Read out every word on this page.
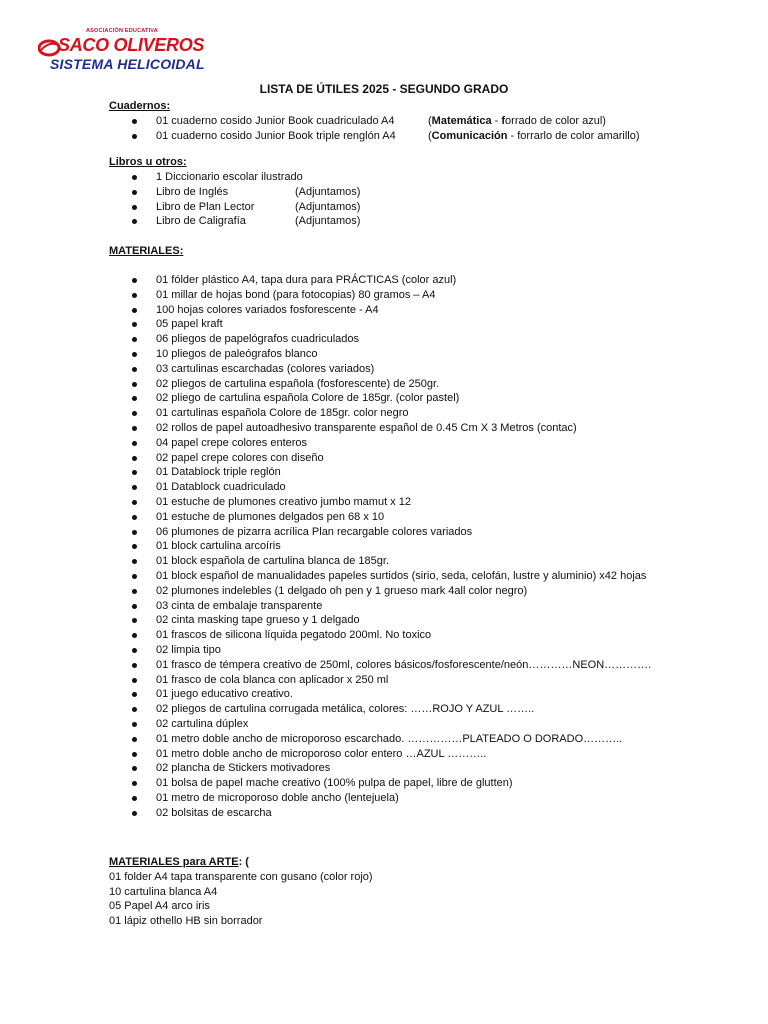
ASOCIACIÓN EDUCATIVA
SACO OLIVEROS
SISTEMA HELICOIDAL
LISTA DE ÚTILES 2025 - SEGUNDO GRADO
Cuadernos:
01 cuaderno cosido Junior Book cuadriculado A4	(Matemática - forrado de color azul)
01 cuaderno cosido Junior Book triple renglón A4	(Comunicación - forrarlo de color amarillo)
Libros u otros:
1 Diccionario escolar ilustrado
Libro de Inglés	(Adjuntamos)
Libro de Plan Lector	(Adjuntamos)
Libro de Caligrafía	(Adjuntamos)
MATERIALES:
01 fólder plástico A4, tapa dura para PRÁCTICAS (color azul)
01 millar de hojas bond (para fotocopias) 80 gramos – A4
100 hojas colores variados fosforescente - A4
05 papel kraft
06 pliegos de papelógrafos cuadriculados
10 pliegos de paleógrafos blanco
03 cartulinas escarchadas (colores variados)
02 pliegos de cartulina española (fosforescente) de 250gr.
02 pliego de cartulina española Colore de 185gr. (color pastel)
01 cartulinas española Colore de 185gr. color negro
02 rollos de papel autoadhesivo transparente español de 0.45 Cm X 3 Metros (contac)
04 papel crepe colores enteros
02 papel crepe colores con diseño
01 Datablock triple reglón
01 Datablock cuadriculado
01 estuche de plumones creativo jumbo mamut x 12
01 estuche de plumones delgados pen 68 x 10
06 plumones de pizarra acrílica Plan recargable colores variados
01 block cartulina arcoíris
01 block española de cartulina blanca de 185gr.
01 block español de manualidades papeles surtidos (sirio, seda, celofán, lustre y aluminio) x42 hojas
02 plumones indelebles (1 delgado oh pen y 1 grueso mark 4all color negro)
03 cinta de embalaje transparente
02 cinta masking tape grueso y 1 delgado
01 frascos de silicona líquida pegatodo 200ml. No toxico
02 limpia tipo
01 frasco de témpera creativo de 250ml, colores básicos/fosforescente/neón…………NEON………….
01 frasco de cola blanca con aplicador x 250 ml
01 juego educativo creativo.
02 pliegos de cartulina corrugada metálica, colores: ……ROJO Y AZUL ……..
02 cartulina dúplex
01 metro doble ancho de microporoso escarchado. ……………PLATEADO O DORADO………..
01 metro doble ancho de microporoso color entero …AZUL ………..
02 plancha de Stickers motivadores
01 bolsa de papel mache creativo (100% pulpa de papel, libre de glutten)
01 metro de microporoso doble ancho (lentejuela)
02 bolsitas de escarcha
MATERIALES para ARTE: (
01 folder A4 tapa transparente con gusano (color rojo)
10 cartulina blanca A4
05 Papel A4 arco iris
01 lápiz othello HB sin borrador
